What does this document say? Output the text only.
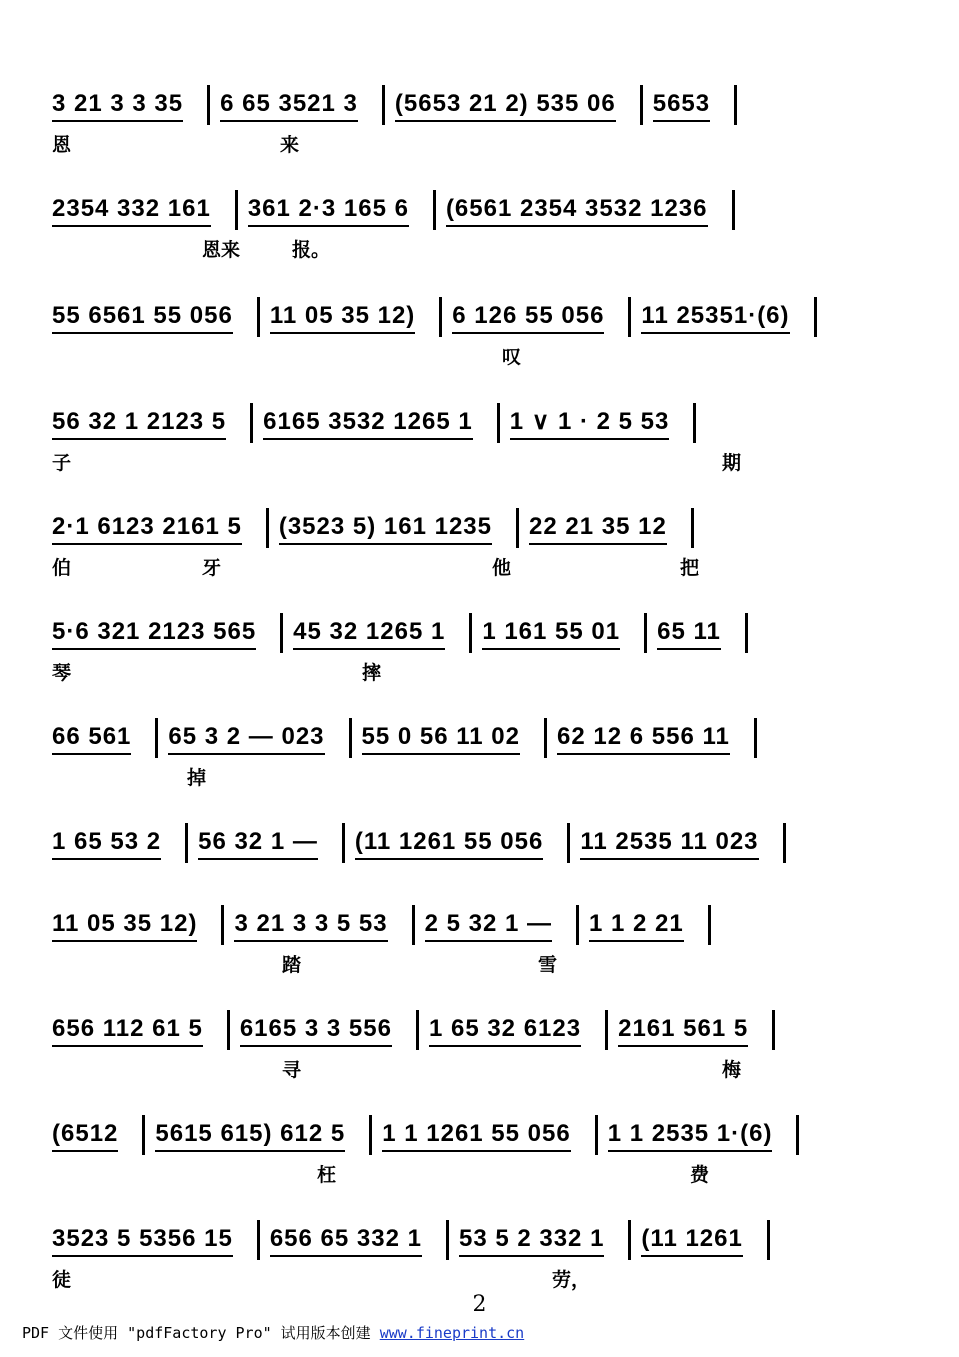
3 21 3 3 35 6 65 3521 3 (5653 21 2) 535 06 5653
恩	来
2354 332 161 361 2·3 165 6 (6561 2354 3532 1236
恩来	报。
55 6561 55 056 11 05 35 12) 6 126 55 056 11 25351·(6)
叹
56 32 1 2123 5 6165 3532 1265 1 1 ∨ 1 · 2 5 53
子	期
2·1 6123 2161 5 (3523 5) 161 1235 22 21 35 12
伯	牙	他	把
5·6 321 2123 565 45 32 1265 1 1 161 55 01 65 11
琴	摔
66 561 65 3 2 — 023 55 0 56 11 02 62 12 6 556 11
掉
1 65 53 2 56 32 1 — (11 1261 55 056 11 2535 11 023
11 05 35 12) 3 21 3 3 5 53 2 5 32 1 — 1 1 2 21
踏	雪
656 112 61 5 6165 3 3 556 1 65 32 6123 2161 561 5
寻	梅
(6512 5615 615) 612 5 1 1 1261 55 056 1 1 2535 1·(6)
枉	费
3523 5 5356 15 656 65 332 1 53 5 2 332 1 (11 1261
徒	劳，
2
PDF 文件使用 "pdfFactory Pro" 试用版本创建 www.fineprint.cn
